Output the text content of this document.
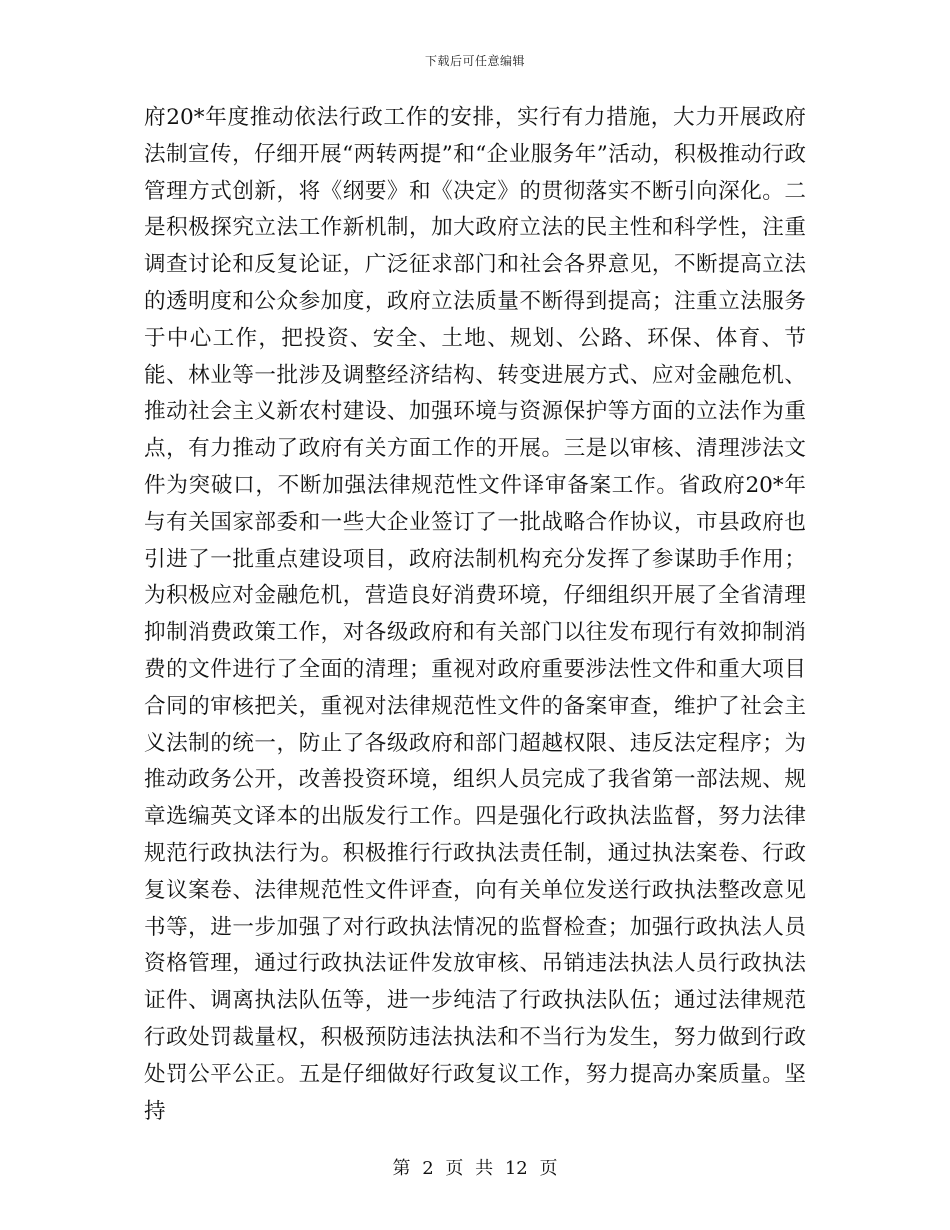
下载后可任意编辑

府20*年度推动依法行政工作的安排，实行有力措施，大力开展政府法制宣传，仔细开展“两转两提”和“企业服务年”活动，积极推动行政管理方式创新，将《纲要》和《决定》的贯彻落实不断引向深化。二是积极探究立法工作新机制，加大政府立法的民主性和科学性，注重调查讨论和反复论证，广泛征求部门和社会各界意见，不断提高立法的透明度和公众参加度，政府立法质量不断得到提高；注重立法服务于中心工作，把投资、安全、土地、规划、公路、环保、体育、节能、林业等一批涉及调整经济结构、转变进展方式、应对金融危机、推动社会主义新农村建设、加强环境与资源保护等方面的立法作为重点，有力推动了政府有关方面工作的开展。三是以审核、清理涉法文件为突破口，不断加强法律规范性文件译审备案工作。省政府20*年与有关国家部委和一些大企业签订了一批战略合作协议，市县政府也引进了一批重点建设项目，政府法制机构充分发挥了参谋助手作用；为积极应对金融危机，营造良好消费环境，仔细组织开展了全省清理抑制消费政策工作，对各级政府和有关部门以往发布现行有效抑制消费的文件进行了全面的清理；重视对政府重要涉法性文件和重大项目合同的审核把关，重视对法律规范性文件的备案审查，维护了社会主义法制的统一，防止了各级政府和部门超越权限、违反法定程序；为推动政务公开，改善投资环境，组织人员完成了我省第一部法规、规章选编英文译本的出版发行工作。四是强化行政执法监督，努力法律规范行政执法行为。积极推行行政执法责任制，通过执法案卷、行政复议案卷、法律规范性文件评查，向有关单位发送行政执法整改意见书等，进一步加强了对行政执法情况的监督检查；加强行政执法人员资格管理，通过行政执法证件发放审核、吊销违法执法人员行政执法证件、调离执法队伍等，进一步纯洁了行政执法队伍；通过法律规范行政处罚裁量权，积极预防违法执法和不当行为发生，努力做到行政处罚公平公正。五是仔细做好行政复议工作，努力提高办案质量。坚持

第 2 页 共 12 页
